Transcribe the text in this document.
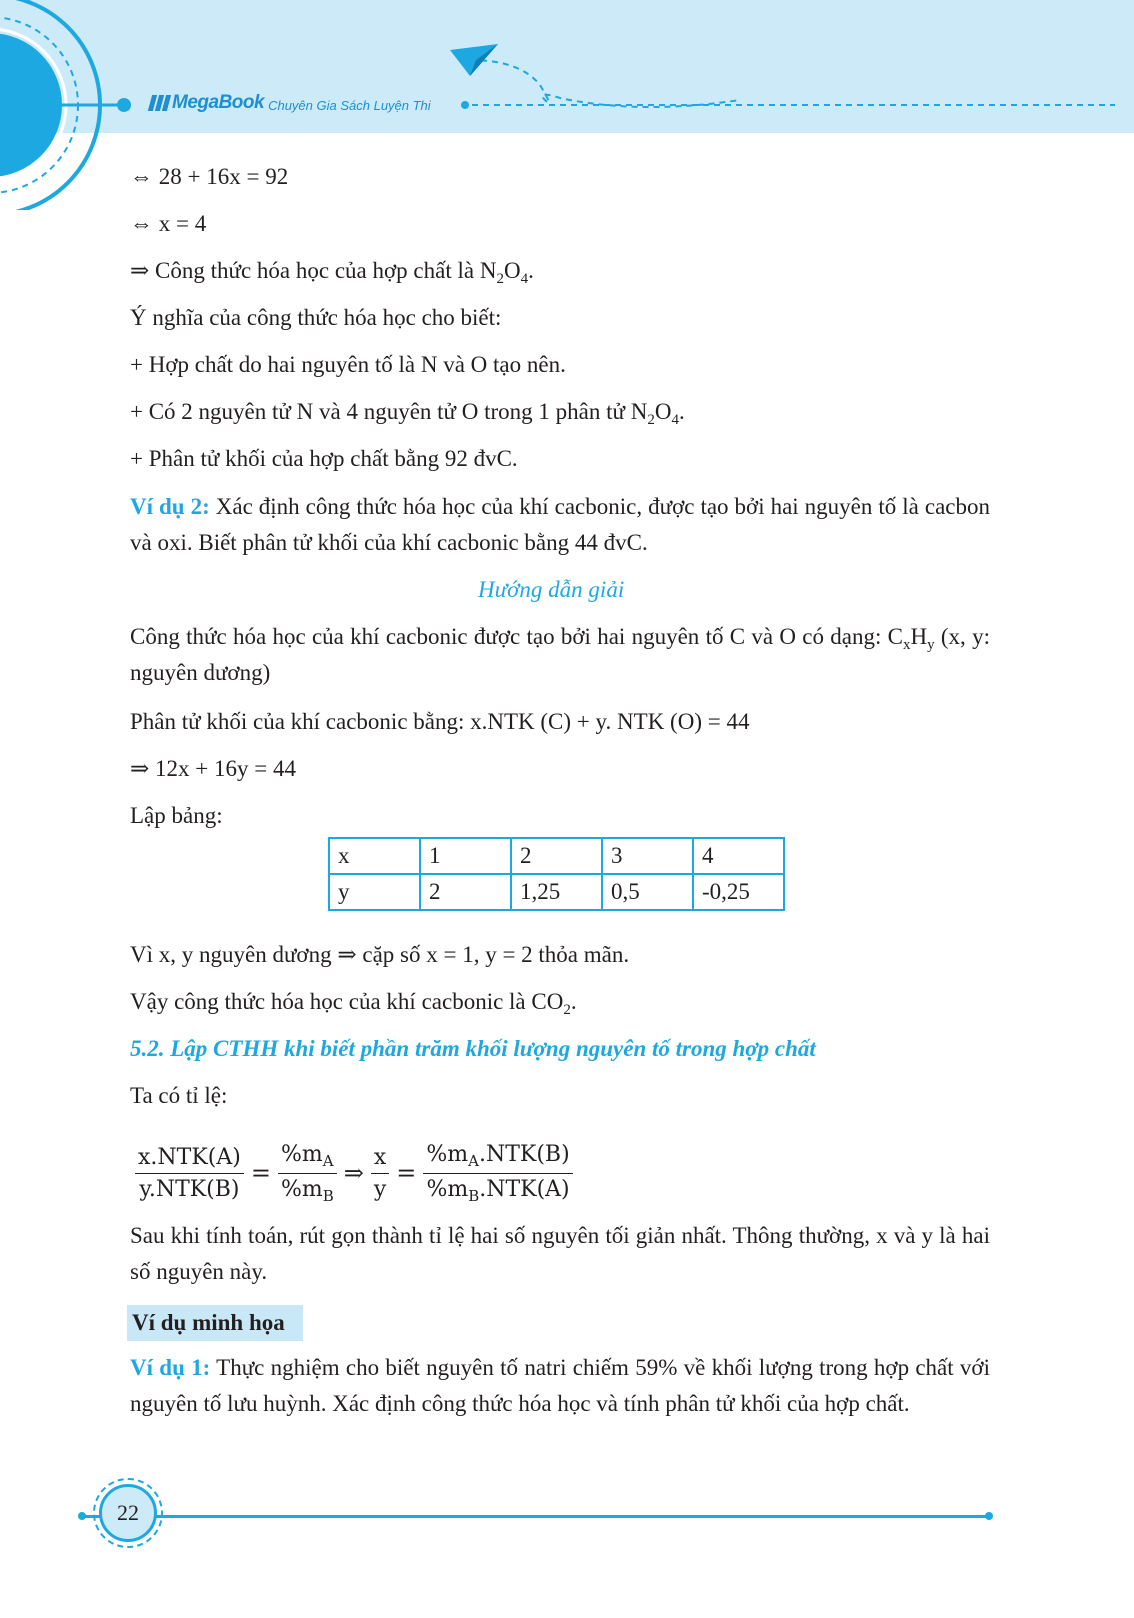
MegaBook Chuyên Gia Sách Luyện Thi
⇔ 28 + 16x = 92
⇔ x = 4
⇒ Công thức hóa học của hợp chất là $N_2O_4$.
Ý nghĩa của công thức hóa học cho biết:
+ Hợp chất do hai nguyên tố là N và O tạo nên.
+ Có 2 nguyên tử N và 4 nguyên tử O trong 1 phân tử $N_2O_4$.
+ Phân tử khối của hợp chất bằng 92 đvC.
Ví dụ 2: Xác định công thức hóa học của khí cacbonic, được tạo bởi hai nguyên tố là cacbon và oxi. Biết phân tử khối của khí cacbonic bằng 44 đvC.
Hướng dẫn giải
Công thức hóa học của khí cacbonic được tạo bởi hai nguyên tố C và O có dạng: $C_xH_y$ (x, y: nguyên dương)
Phân tử khối của khí cacbonic bằng: x.NTK (C) + y. NTK (O) = 44
⇒ 12x + 16y = 44
Lập bảng:
x	1	2	3	4
y	2	1,25	0,5	-0,25
Vì x, y nguyên dương ⇒ cặp số x = 1, y = 2 thỏa mãn.
Vậy công thức hóa học của khí cacbonic là $CO_2$.
5.2. Lập CTHH khi biết phần trăm khối lượng nguyên tố trong hợp chất
Ta có tỉ lệ:
$\frac{\text{x.NTK(A)}}{\text{y.NTK(B)}} = \frac{\%m_A}{\%m_B}$ ⇒ $\frac{x}{y} = \frac{\%m_A.NTK(B)}{\%m_B.NTK(A)}$
Sau khi tính toán, rút gọn thành tỉ lệ hai số nguyên tối giản nhất. Thông thường, x và y là hai số nguyên này.
Ví dụ minh họa
Ví dụ 1: Thực nghiệm cho biết nguyên tố natri chiếm 59% về khối lượng trong hợp chất với nguyên tố lưu huỳnh. Xác định công thức hóa học và tính phân tử khối của hợp chất.
22
